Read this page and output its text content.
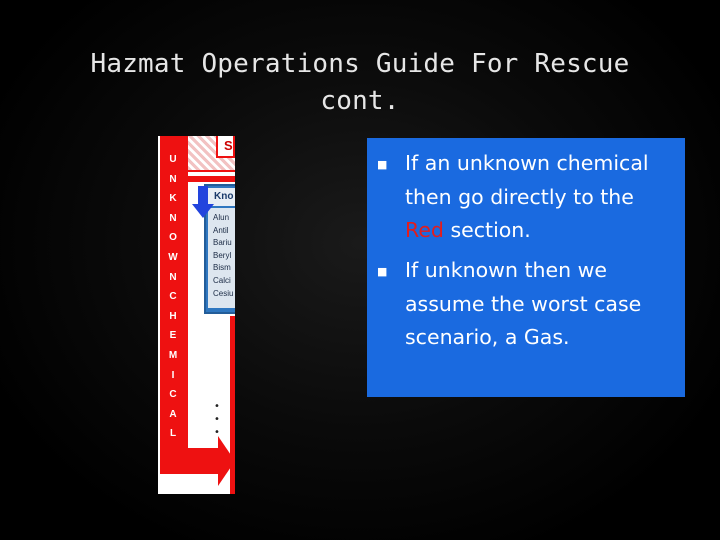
Hazmat Operations Guide For Rescue
cont.
S
U
N
K
N
O
W
N
C
H
E
M
I
C
A
L
Kno
Alun
Antil
Bariu
Beryl
Bism
Calci
Cesiu
•
•
•
■ If an unknown chemical then go directly to the Red section.
■ If unknown then we assume the worst case scenario, a Gas.
